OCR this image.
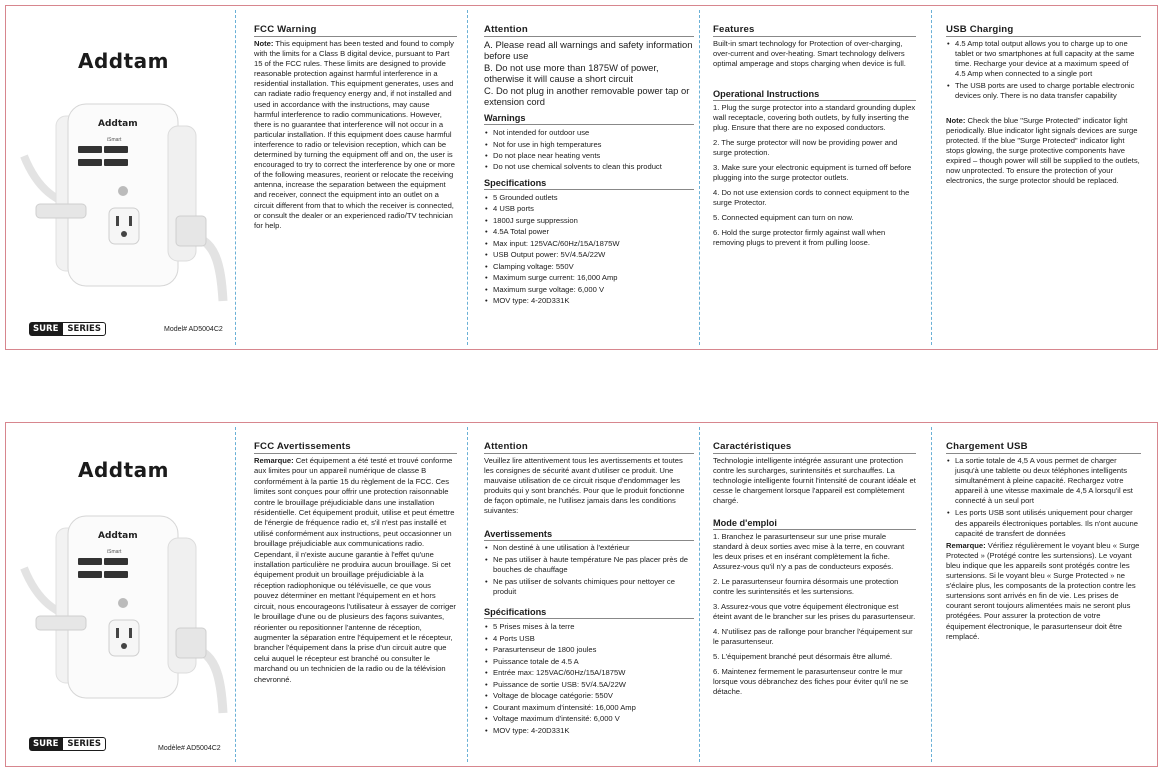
Addtam
Addtam
iSmart
SURE	SERIES	Model# AD5004C2
FCC Warning

Note: This equipment has been tested and found to comply with the limits for a Class B digital device, pursuant to Part 15 of the FCC rules. These limits are designed to provide reasonable protection against harmful interference in a residential installation. This equipment generates, uses and can radiate radio frequency energy and, if not installed and used in accordance with the instructions, may cause harmful interference to radio communications. However, there is no guarantee that interference will not occur in a particular installation. If this equipment does cause harmful interference to radio or television reception, which can be determined by turning the equipment off and on, the user is encouraged to try to correct the interference by one or more of the following measures, reorient or relocate the receiving antenna, increase the separation between the equipment and receiver, connect the equipment into an outlet on a circuit different from that to which the receiver is connected, or consult the dealer or an experienced radio/TV technician for help.

Attention

A. Please read all warnings and safety information before use

B. Do not use more than 1875W of power, otherwise it will cause a short circuit

C. Do not plug in another removable power tap or extension cord

Warnings
• Not intended for outdoor use
• Not for use in high temperatures
• Do not place near heating vents
• Do not use chemical solvents to clean this product
Specifications
• 5 Grounded outlets
• 4 USB ports
• 1800J surge suppression
• 4.5A Total power
• Max input: 125VAC/60Hz/15A/1875W
• USB Output power: 5V/4.5A/22W
• Clamping voltage: 550V
• Maximum surge current: 16,000 Amp
• Maximum surge voltage: 6,000 V
• MOV type: 4-20D331K
Features

Built-in smart technology for Protection of over-charging, over-current and over-heating. Smart technology delivers optimal amperage and stops charging when device is full.

Operational Instructions
1. Plug the surge protector into a standard grounding duplex wall receptacle, covering both outlets, by fully inserting the plug. Ensure that there are no exposed conductors.
2. The surge protector will now be providing power and surge protection.
3. Make sure your electronic equipment is turned off before plugging into the surge protector outlets.
4. Do not use extension cords to connect equipment to the surge Protector.
5. Connected equipment can turn on now.
6. Hold the surge protector firmly against wall when removing plugs to prevent it from pulling loose.
USB Charging
• 4.5 Amp total output allows you to charge up to one tablet or two smartphones at full capacity at the same time. Recharge your device at a maximum speed of 4.5 Amp when connected to a single port
• The USB ports are used to charge portable electronic devices only. There is no data transfer capability

Note: Check the blue "Surge Protected" indicator light periodically. Blue indicator light signals devices are surge protected. If the blue "Surge Protected" indicator light stops glowing, the surge protective components have expired – though power will still be supplied to the outlets, now unprotected. To ensure the protection of your electronics, the surge protector should be replaced.

Addtam
Addtam
iSmart
SURE	SERIES	Modèle# AD5004C2
FCC Avertissements

Remarque: Cet équipement a été testé et trouvé conforme aux limites pour un appareil numérique de classe B conformément à la partie 15 du règlement de la FCC. Ces limites sont conçues pour offrir une protection raisonnable contre le brouillage préjudiciable dans une installation résidentielle. Cet équipement produit, utilise et peut émettre de l'énergie de fréquence radio et, s'il n'est pas installé et utilisé conformément aux instructions, peut occasionner un brouillage préjudiciable aux communications radio. Cependant, il n'existe aucune garantie à l'effet qu'une installation particulière ne produira aucun brouillage. Si cet équipement produit un brouillage préjudiciable à la réception radiophonique ou télévisuelle, ce que vous pouvez déterminer en mettant l'équipement en et hors circuit, nous encourageons l'utilisateur à essayer de corriger le brouillage d'une ou de plusieurs des façons suivantes, réorienter ou repositionner l'antenne de réception, augmenter la séparation entre l'équipement et le récepteur, brancher l'équipement dans la prise d'un circuit autre que celui auquel le récepteur est branché ou consulter le marchand ou un technicien de la radio ou de la télévision chevronné.

Attention

Veuillez lire attentivement tous les avertissements et toutes les consignes de sécurité avant d'utiliser ce produit. Une mauvaise utilisation de ce circuit risque d'endommager les produits qui y sont branchés. Pour que le produit fonctionne de façon optimale, ne l'utilisez jamais dans les conditions suivantes:

Avertissements
• Non destiné à une utilisation à l'extérieur
• Ne pas utiliser à haute température Ne pas placer près de bouches de chauffage
• Ne pas utiliser de solvants chimiques pour nettoyer ce produit
Spécifications
• 5 Prises mises à la terre
• 4 Ports USB
• Parasurtenseur de 1800 joules
• Puissance totale de 4.5 A
• Entrée max: 125VAC/60Hz/15A/1875W
• Puissance de sortie USB: 5V/4.5A/22W
• Voltage de blocage catégorie: 550V
• Courant maximum d'intensité: 16,000 Amp
• Voltage maximum d'intensité: 6,000 V
• MOV type: 4-20D331K
Caractéristiques

Technologie intelligente intégrée assurant une protection contre les surcharges, surintensités et surchauffes. La technologie intelligente fournit l'intensité de courant idéale et cesse le chargement lorsque l'appareil est complètement chargé.

Mode d'emploi
1. Branchez le parasurtenseur sur une prise murale standard à deux sorties avec mise à la terre, en couvrant les deux prises et en insérant complètement la fiche. Assurez-vous qu'il n'y a pas de conducteurs exposés.
2. Le parasurtenseur fournira désormais une protection contre les surintensités et les surtensions.
3. Assurez-vous que votre équipement électronique est éteint avant de le brancher sur les prises du parasurtenseur.
4. N'utilisez pas de rallonge pour brancher l'équipement sur le parasurtenseur.
5. L'équipement branché peut désormais être allumé.
6. Maintenez fermement le parasurtenseur contre le mur lorsque vous débranchez des fiches pour éviter qu'il ne se détache.
Chargement USB
• La sortie totale de 4,5 A vous permet de charger jusqu'à une tablette ou deux téléphones intelligents simultanément à pleine capacité. Rechargez votre appareil à une vitesse maximale de 4,5 A lorsqu'il est connecté à un seul port
• Les ports USB sont utilisés uniquement pour charger des appareils électroniques portables. Ils n'ont aucune capacité de transfert de données

Remarque: Vérifiez régulièrement le voyant bleu « Surge Protected » (Protégé contre les surtensions). Le voyant bleu indique que les appareils sont protégés contre les surtensions. Si le voyant bleu « Surge Protected » ne s'éclaire plus, les composants de la protection contre les surtensions sont arrivés en fin de vie. Les prises de courant seront toujours alimentées mais ne seront plus protégées. Pour assurer la protection de votre équipement électronique, le parasurtenseur doit être remplacé.
